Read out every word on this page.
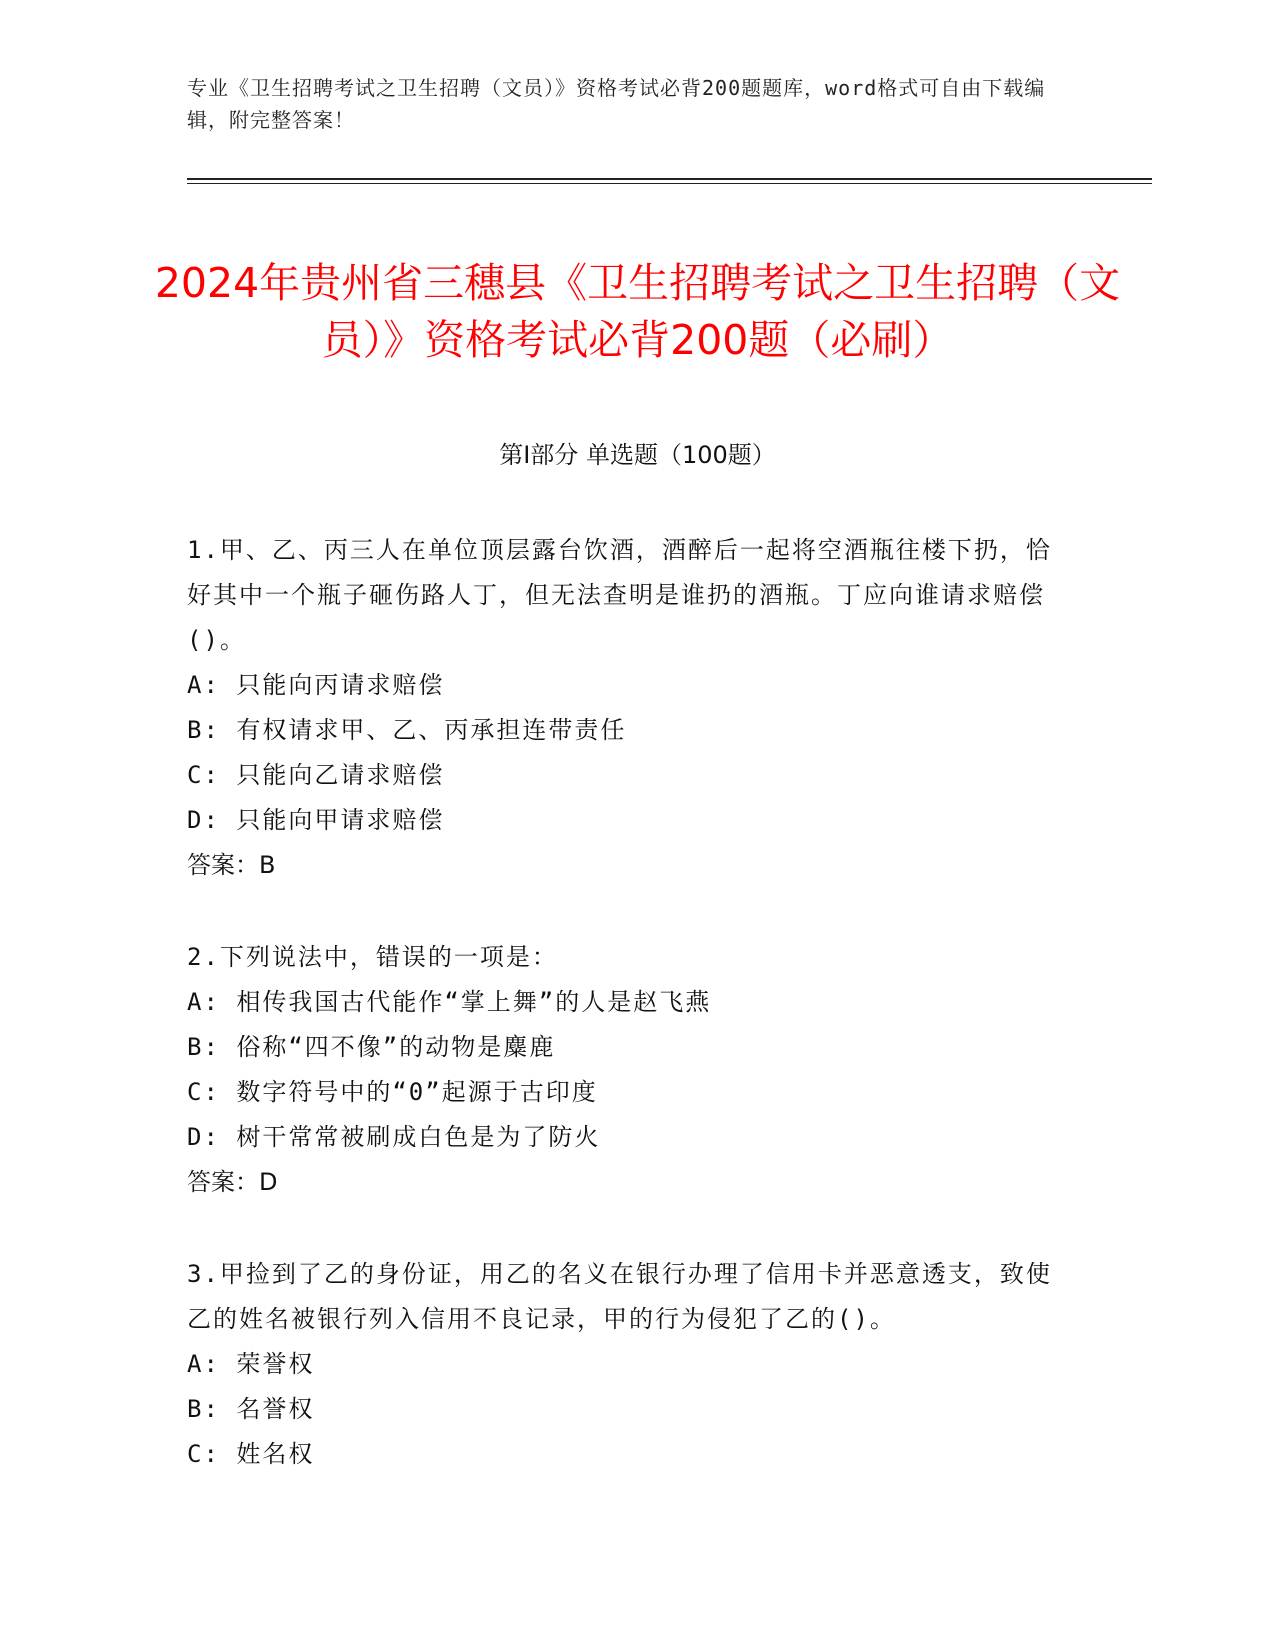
专业《卫生招聘考试之卫生招聘（文员）》资格考试必背200题题库，word格式可自由下载编辑，附完整答案！
2024年贵州省三穗县《卫生招聘考试之卫生招聘（文员）》资格考试必背200题（必刷）
第I部分 单选题（100题）
1.甲、乙、丙三人在单位顶层露台饮酒，酒醉后一起将空酒瓶往楼下扔，恰好其中一个瓶子砸伤路人丁，但无法查明是谁扔的酒瓶。丁应向谁请求赔偿()。
A: 只能向丙请求赔偿
B: 有权请求甲、乙、丙承担连带责任
C: 只能向乙请求赔偿
D: 只能向甲请求赔偿
答案：B
2.下列说法中，错误的一项是：
A: 相传我国古代能作“掌上舞”的人是赵飞燕
B: 俗称“四不像”的动物是麋鹿
C: 数字符号中的“0”起源于古印度
D: 树干常常被刷成白色是为了防火
答案：D
3.甲捡到了乙的身份证，用乙的名义在银行办理了信用卡并恶意透支，致使乙的姓名被银行列入信用不良记录，甲的行为侵犯了乙的()。
A: 荣誉权
B: 名誉权
C: 姓名权
